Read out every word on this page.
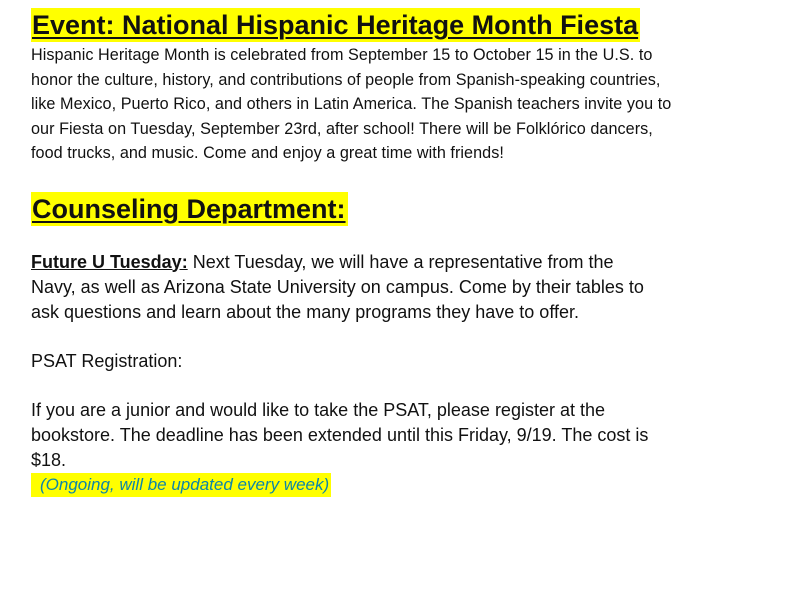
Event: National Hispanic Heritage Month Fiesta
Hispanic Heritage Month is celebrated from September 15 to October 15 in the U.S. to
honor the culture, history, and contributions of people from Spanish-speaking countries,
like Mexico, Puerto Rico, and others in Latin America. The Spanish teachers invite you to
our Fiesta on Tuesday, September 23rd, after school! There will be Folklórico dancers,
food trucks, and music. Come and enjoy a great time with friends!
Counseling Department:
Future U Tuesday: Next Tuesday, we will have a representative from the
Navy, as well as Arizona State University on campus. Come by their tables to
ask questions and learn about the many programs they have to offer.
PSAT Registration:
If you are a junior and would like to take the PSAT, please register at the
bookstore. The deadline has been extended until this Friday, 9/19. The cost is
$18.
(Ongoing, will be updated every week)
